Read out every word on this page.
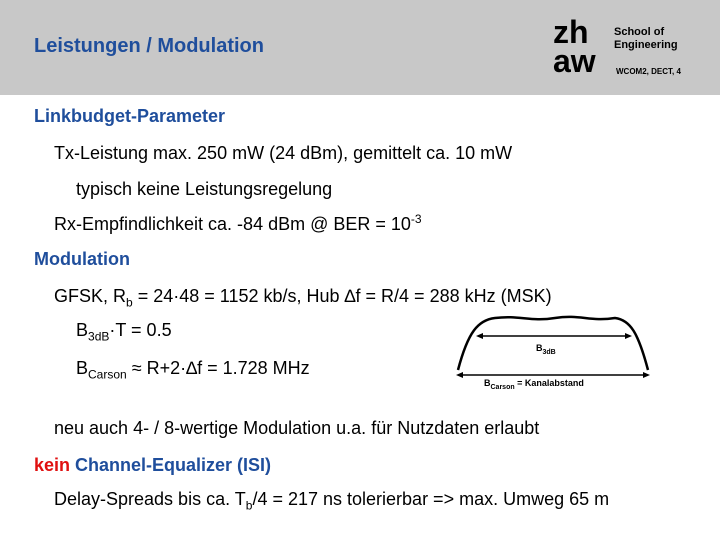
Leistungen / Modulation	zh
aw
School of
Engineering
WCOM2, DECT, 4
Linkbudget-Parameter
Tx-Leistung max. 250 mW (24 dBm), gemittelt ca. 10 mW
typisch keine Leistungsregelung
Rx-Empfindlichkeit ca. -84 dBm @ BER = $10^{-3}$
Modulation
GFSK, $R_b = 24\cdot 48 = 1152$ kb/s, Hub ∆f = R/4 = 288 kHz (MSK)
$B_{3dB}\cdot T = 0.5$
$B_{Carson} \approx R+2\cdot\Delta f = 1.728$ MHz
$B_{3dB}$
$B_{Carson}$ = Kanalabstand
neu auch 4- / 8-wertige Modulation u.a. für Nutzdaten erlaubt
kein Channel-Equalizer (ISI)
Delay-Spreads bis ca. $T_b/4 = 217$ ns tolerierbar => max. Umweg 65 m
